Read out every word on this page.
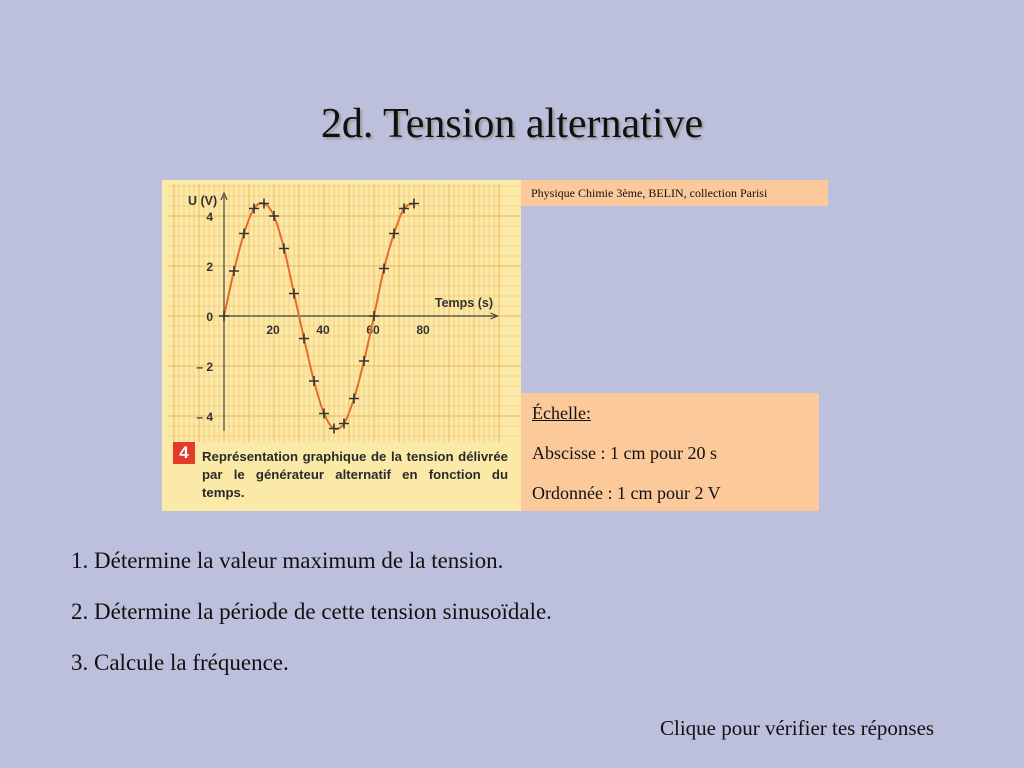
2d. Tension alternative
4
2
0
– 2
– 4
20	40	60	80
U (V)
Temps (s)
4	Représentation graphique de la tension délivrée par le générateur alternatif en fonction du temps.
Physique Chimie 3ème, BELIN, collection Parisi
Échelle:
Abscisse : 1 cm pour 20 s
Ordonnée : 1 cm pour 2 V
1. Détermine la valeur maximum de la tension.
2. Détermine la période de cette tension sinusoïdale.
3. Calcule la fréquence.
Clique pour vérifier tes réponses
